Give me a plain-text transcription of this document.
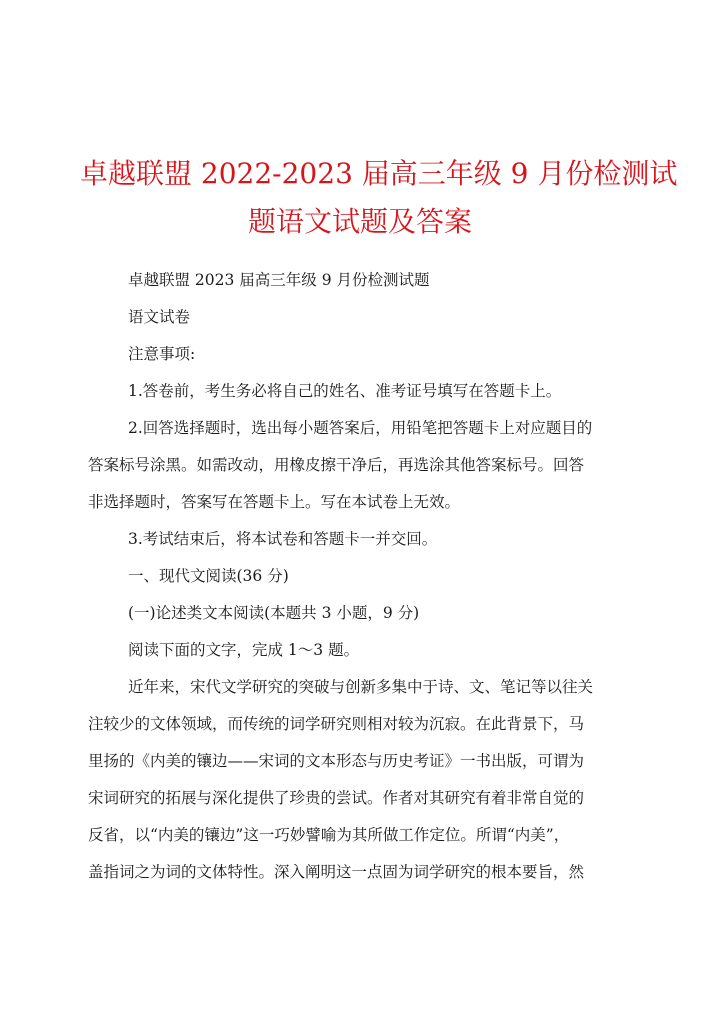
卓越联盟 2022-2023 届高三年级 9 月份检测试
题语文试题及答案

卓越联盟 2023 届高三年级 9 月份检测试题

语文试卷

注意事项:

1.答卷前，考生务必将自己的姓名、准考证号填写在答题卡上。

2.回答选择题时，选出每小题答案后，用铅笔把答题卡上对应题目的

答案标号涂黑。如需改动，用橡皮擦干净后，再选涂其他答案标号。回答

非选择题时，答案写在答题卡上。写在本试卷上无效。

3.考试结束后，将本试卷和答题卡一并交回。

一、现代文阅读(36 分)

(一)论述类文本阅读(本题共 3 小题，9 分)

阅读下面的文字，完成 1～3 题。

近年来，宋代文学研究的突破与创新多集中于诗、文、笔记等以往关

注较少的文体领域，而传统的词学研究则相对较为沉寂。在此背景下，马

里扬的《内美的镶边——宋词的文本形态与历史考证》一书出版，可谓为

宋词研究的拓展与深化提供了珍贵的尝试。作者对其研究有着非常自觉的

反省，以“内美的镶边”这一巧妙譬喻为其所做工作定位。所谓“内美”，

盖指词之为词的文体特性。深入阐明这一点固为词学研究的根本要旨，然
